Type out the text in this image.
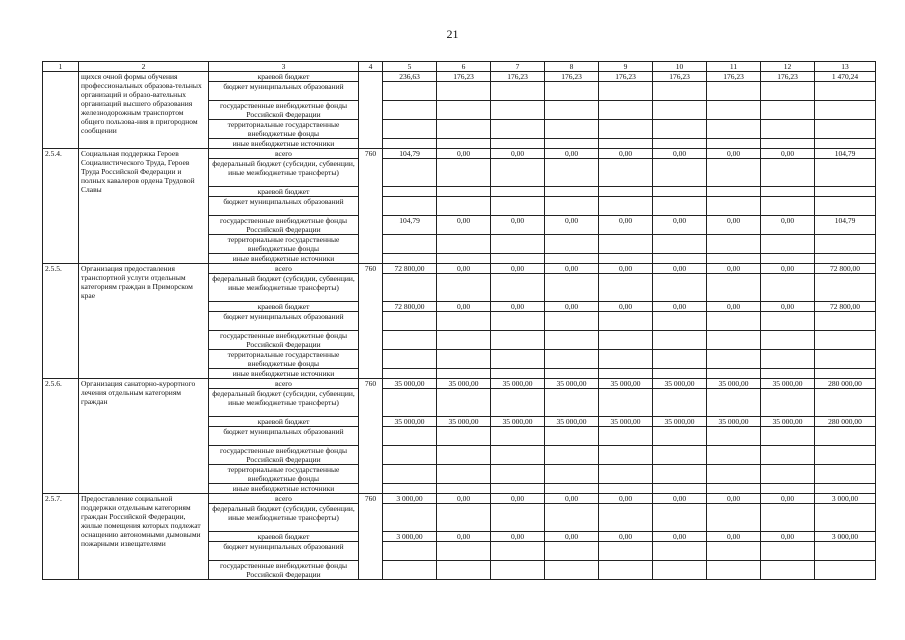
21
1	2	3	4	5	6	7	8	9	10	11	12	13
	щихся очной формы обучения профессиональных образова-тельных организаций и образо-вательных организаций высшего образования железнодорожным транспортом общего пользова-ния в пригородном сообщении	краевой бюджет		236,63	176,23	176,23	176,23	176,23	176,23	176,23	176,23	1 470,24
		бюджет муниципальных образований										
		государственные внебюджетные фонды Российской Федерации										
		территориальные государственные внебюджетные фонды										
		иные внебюджетные источники										
2.5.4.	Социальная поддержка Героев Социалистического Труда, Героев Труда Российской Федерации и полных кавалеров ордена Трудовой Славы	всего	760	104,79	0,00	0,00	0,00	0,00	0,00	0,00	0,00	104,79
		федеральный бюджет (субсидии, субвенции, иные межбюджетные трансферты)										
		краевой бюджет										
		бюджет муниципальных образований										
		государственные внебюджетные фонды Российской Федерации		104,79	0,00	0,00	0,00	0,00	0,00	0,00	0,00	104,79
		территориальные государственные внебюджетные фонды										
		иные внебюджетные источники										
2.5.5.	Организация предоставления транспортной услуги отдельным категориям граждан в Приморском крае	всего	760	72 800,00	0,00	0,00	0,00	0,00	0,00	0,00	0,00	72 800,00
		федеральный бюджет (субсидии, субвенции, иные межбюджетные трансферты)										
		краевой бюджет		72 800,00	0,00	0,00	0,00	0,00	0,00	0,00	0,00	72 800,00
		бюджет муниципальных образований										
		государственные внебюджетные фонды Российской Федерации										
		территориальные государственные внебюджетные фонды										
		иные внебюджетные источники										
2.5.6.	Организация санаторно-курортного лечения отдельным категориям граждан	всего	760	35 000,00	35 000,00	35 000,00	35 000,00	35 000,00	35 000,00	35 000,00	35 000,00	280 000,00
		федеральный бюджет (субсидии, субвенции, иные межбюджетные трансферты)										
		краевой бюджет		35 000,00	35 000,00	35 000,00	35 000,00	35 000,00	35 000,00	35 000,00	35 000,00	280 000,00
		бюджет муниципальных образований										
		государственные внебюджетные фонды Российской Федерации										
		территориальные государственные внебюджетные фонды										
		иные внебюджетные источники										
2.5.7.	Предоставление социальной поддержки отдельным категориям граждан Российской Федерации, жилые помещения которых подлежат оснащению автономными дымовыми пожарными извещателями	всего	760	3 000,00	0,00	0,00	0,00	0,00	0,00	0,00	0,00	3 000,00
		федеральный бюджет (субсидии, субвенции, иные межбюджетные трансферты)										
		краевой бюджет		3 000,00	0,00	0,00	0,00	0,00	0,00	0,00	0,00	3 000,00
		бюджет муниципальных образований										
		государственные внебюджетные фонды Российской Федерации										
